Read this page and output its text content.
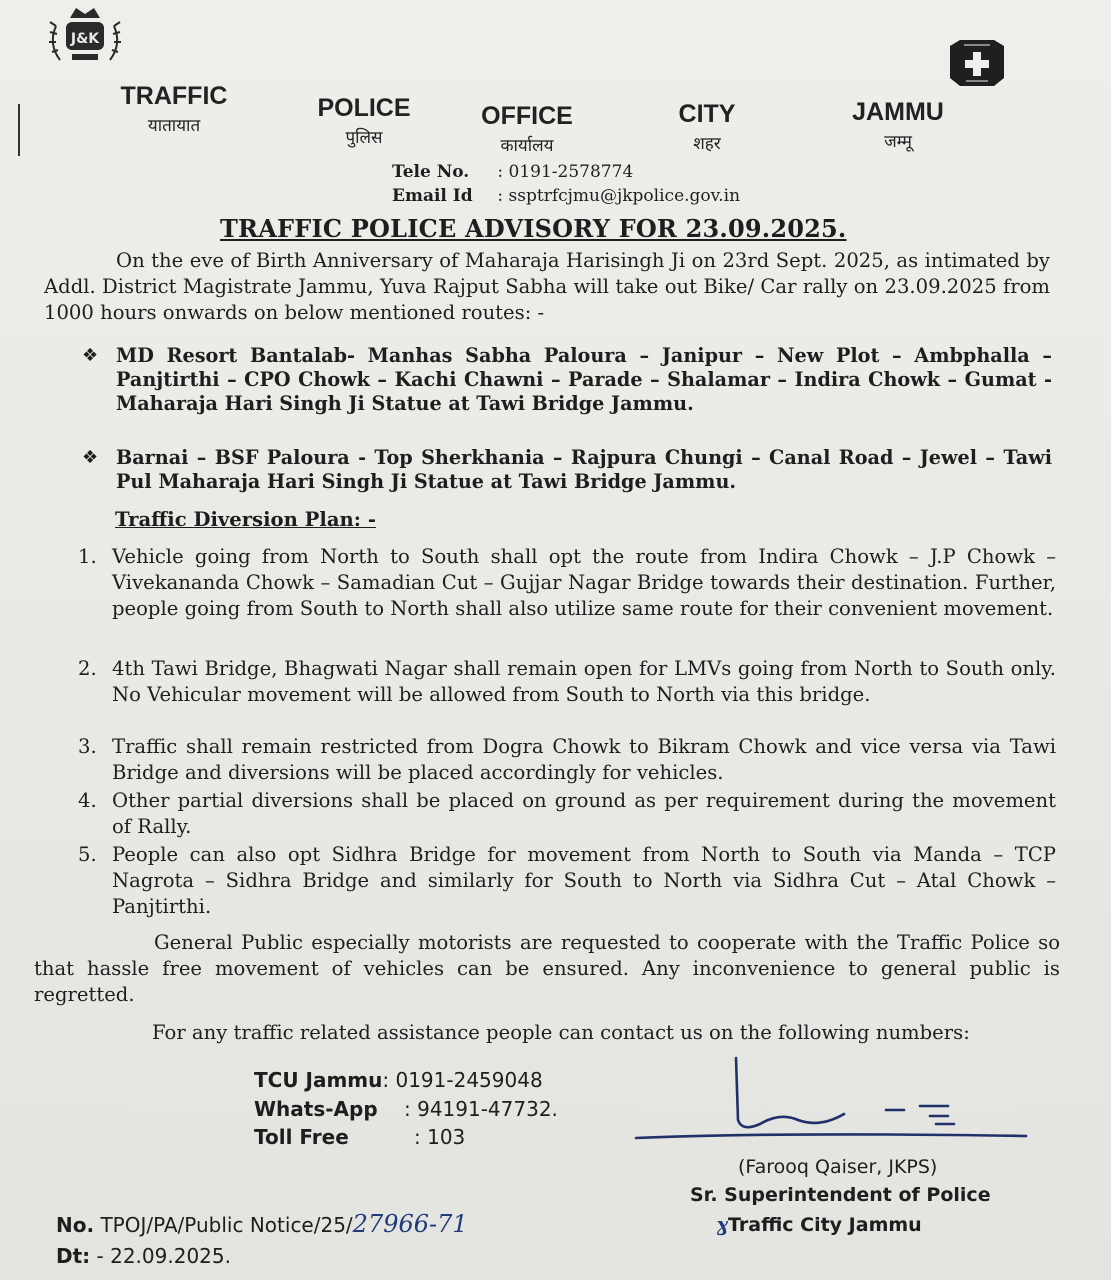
J&K
TRAFFIC
यातायात
POLICE
पुलिस
OFFICE
कार्यालय
CITY
शहर
JAMMU
जम्मू
Tele No. : 0191-2578774
Email Id : ssptrfcjmu@jkpolice.gov.in
TRAFFIC POLICE ADVISORY FOR 23.09.2025.
On the eve of Birth Anniversary of Maharaja Harisingh Ji on 23rd Sept. 2025, as intimated by Addl. District Magistrate Jammu, Yuva Rajput Sabha will take out Bike/ Car rally on 23.09.2025 from 1000 hours onwards on below mentioned routes: -
❖ MD Resort Bantalab- Manhas Sabha Paloura – Janipur – New Plot – Ambphalla – Panjtirthi – CPO Chowk – Kachi Chawni – Parade – Shalamar – Indira Chowk – Gumat - Maharaja Hari Singh Ji Statue at Tawi Bridge Jammu.
❖ Barnai – BSF Paloura - Top Sherkhania – Rajpura Chungi – Canal Road – Jewel – Tawi Pul Maharaja Hari Singh Ji Statue at Tawi Bridge Jammu.
Traffic Diversion Plan: -
1. Vehicle going from North to South shall opt the route from Indira Chowk – J.P Chowk – Vivekananda Chowk – Samadian Cut – Gujjar Nagar Bridge towards their destination. Further, people going from South to North shall also utilize same route for their convenient movement.
2. 4th Tawi Bridge, Bhagwati Nagar shall remain open for LMVs going from North to South only. No Vehicular movement will be allowed from South to North via this bridge.
3. Traffic shall remain restricted from Dogra Chowk to Bikram Chowk and vice versa via Tawi Bridge and diversions will be placed accordingly for vehicles.
4. Other partial diversions shall be placed on ground as per requirement during the movement of Rally.
5. People can also opt Sidhra Bridge for movement from North to South via Manda – TCP Nagrota – Sidhra Bridge and similarly for South to North via Sidhra Cut – Atal Chowk – Panjtirthi.
General Public especially motorists are requested to cooperate with the Traffic Police so that hassle free movement of vehicles can be ensured. Any inconvenience to general public is regretted.
For any traffic related assistance people can contact us on the following numbers:
TCU Jammu: 0191-2459048
Whats-App : 94191-47732.
Toll Free	: 103
(Farooq Qaiser, JKPS)
Sr. Superintendent of Police
ɣTraffic City Jammu
No. TPOJ/PA/Public Notice/25/27966-71
Dt: - 22.09.2025.
